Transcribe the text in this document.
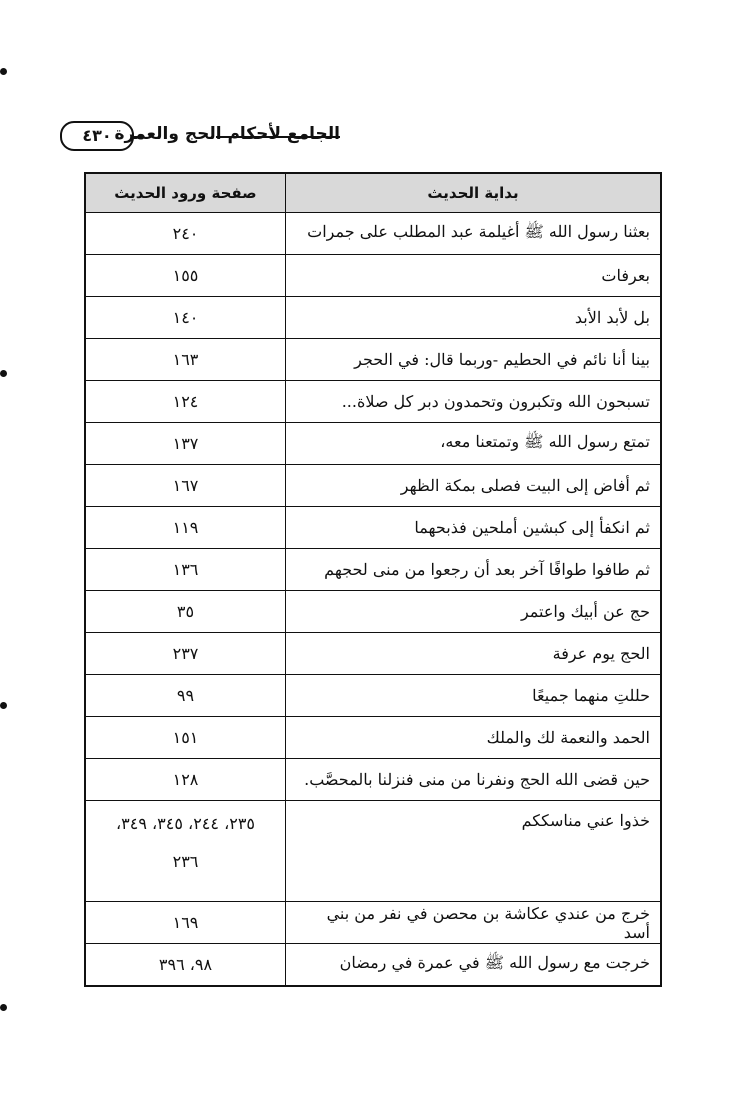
٤٣٠ الجامع لأحكام الحج والعمرة
بداية الحديث	صفحة ورود الحديث
بعثنا رسول الله ﷺ أغيلمة عبد المطلب على جمرات	٢٤٠
بعرفات	١٥٥
بل لأبد الأبد	١٤٠
بينا أنا نائم في الحطيم -وربما قال: في الحجر	١٦٣
تسبحون الله وتكبرون وتحمدون دبر كل صلاة...	١٢٤
تمتع رسول الله ﷺ وتمتعنا معه،	١٣٧
ثم أفاض إلى البيت فصلى بمكة الظهر	١٦٧
ثم انكفأ إلى كبشين أملحين فذبحهما	١١٩
ثم طافوا طوافًا آخر بعد أن رجعوا من منى لحجهم	١٣٦
حج عن أبيك واعتمر	٣٥
الحج يوم عرفة	٢٣٧
حللتِ منهما جميعًا	٩٩
الحمد والنعمة لك والملك	١٥١
حين قضى الله الحج ونفرنا من منى فنزلنا بالمحصَّب.	١٢٨
خذوا عني مناسككم	٢٣٥، ٢٤٤، ٣٤٥، ٣٤٩،
٢٣٦

خرج من عندي عكاشة بن محصن في نفر من بني أسد	١٦٩
خرجت مع رسول الله ﷺ في عمرة في رمضان	٩٨، ٣٩٦
